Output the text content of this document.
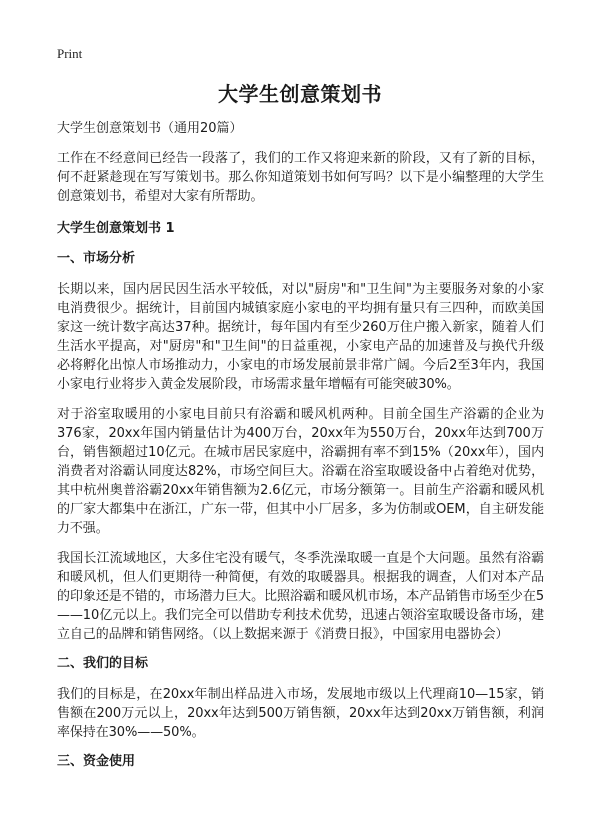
Print
大学生创意策划书
大学生创意策划书（通用20篇）

工作在不经意间已经告一段落了，我们的工作又将迎来新的阶段，又有了新的目标，何不赶紧趁现在写写策划书。那么你知道策划书如何写吗？以下是小编整理的大学生创意策划书，希望对大家有所帮助。

大学生创意策划书 1
一、市场分析

长期以来，国内居民因生活水平较低，对以"厨房"和"卫生间"为主要服务对象的小家电消费很少。据统计，目前国内城镇家庭小家电的平均拥有量只有三四种，而欧美国家这一统计数字高达37种。据统计，每年国内有至少260万住户搬入新家，随着人们生活水平提高，对"厨房"和"卫生间"的日益重视，小家电产品的加速普及与换代升级必将孵化出惊人市场推动力，小家电的市场发展前景非常广阔。今后2至3年内，我国小家电行业将步入黄金发展阶段，市场需求量年增幅有可能突破30%。

对于浴室取暖用的小家电目前只有浴霸和暖风机两种。目前全国生产浴霸的企业为376家，20xx年国内销量估计为400万台，20xx年为550万台，20xx年达到700万台，销售额超过10亿元。在城市居民家庭中，浴霸拥有率不到15%（20xx年），国内消费者对浴霸认同度达82%，市场空间巨大。浴霸在浴室取暖设备中占着绝对优势，其中杭州奥普浴霸20xx年销售额为2.6亿元，市场分额第一。目前生产浴霸和暖风机的厂家大都集中在浙江，广东一带，但其中小厂居多，多为仿制或OEM，自主研发能力不强。

我国长江流域地区，大多住宅没有暖气，冬季洗澡取暖一直是个大问题。虽然有浴霸和暖风机，但人们更期待一种简便，有效的取暖器具。根据我的调查，人们对本产品的印象还是不错的，市场潜力巨大。比照浴霸和暖风机市场，本产品销售市场至少在5——10亿元以上。我们完全可以借助专利技术优势，迅速占领浴室取暖设备市场，建立自己的品牌和销售网络。（以上数据来源于《消费日报》，中国家用电器协会）

二、我们的目标

我们的目标是，在20xx年制出样品进入市场，发展地市级以上代理商10—15家，销售额在200万元以上，20xx年达到500万销售额，20xx年达到20xx万销售额，利润率保持在30%——50%。

三、资金使用
